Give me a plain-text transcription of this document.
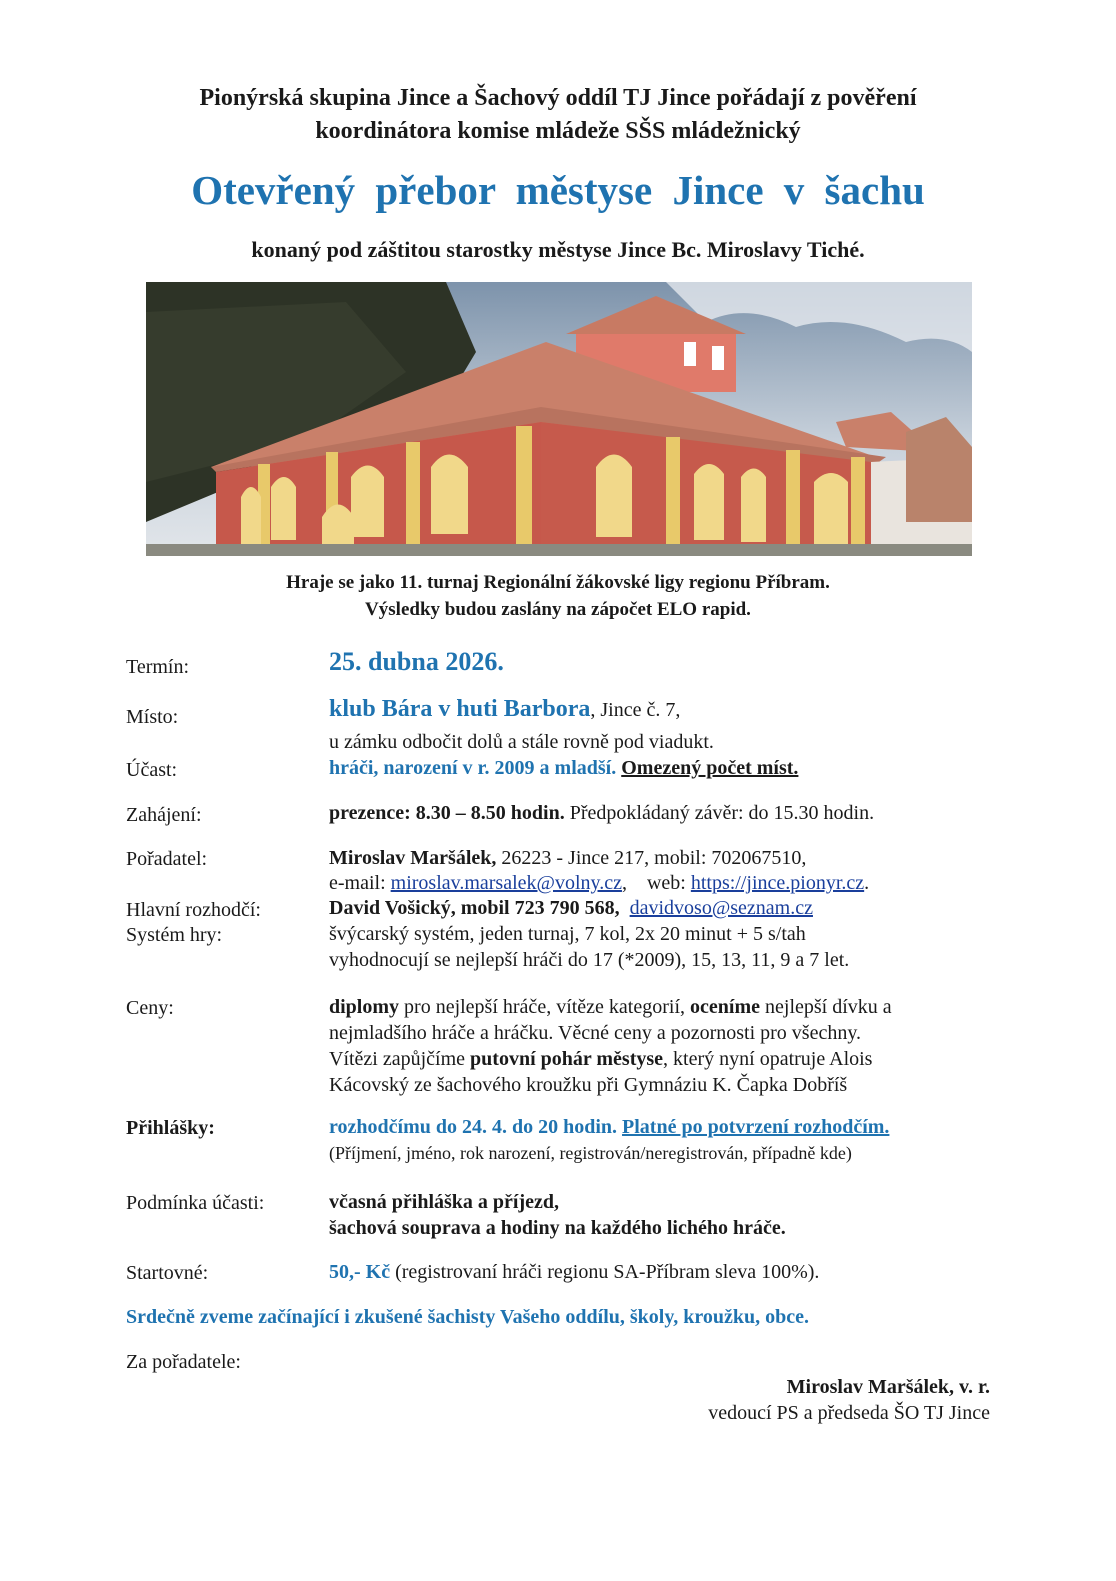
Pionýrská skupina Jince a Šachový oddíl TJ Jince pořádají z pověření
koordinátora komise mládeže SŠS mládežnický
Otevřený přebor městyse Jince v šachu
konaný pod záštitou starostky městyse Jince Bc. Miroslavy Tiché.
Hraje se jako 11. turnaj Regionální žákovské ligy regionu Příbram.
Výsledky budou zaslány na zápočet ELO rapid.
Termín:	25. dubna 2026.
Místo:	klub Bára v huti Barbora, Jince č. 7,
u zámku odbočit dolů a stále rovně pod viadukt.
Účast:	hráči, narození v r. 2009 a mladší. Omezený počet míst.
Zahájení:	prezence: 8.30 – 8.50 hodin. Předpokládaný závěr: do 15.30 hodin.
Pořadatel:	Miroslav Maršálek, 26223 - Jince 217, mobil: 702067510,
e-mail: miroslav.marsalek@volny.cz,    web: https://jince.pionyr.cz.
Hlavní rozhodčí:	David Vošický, mobil 723 790 568, davidvoso@seznam.cz
Systém hry:	švýcarský systém, jeden turnaj, 7 kol, 2x 20 minut + 5 s/tah
vyhodnocují se nejlepší hráči do 17 (*2009), 15, 13, 11, 9 a 7 let.
Ceny:	diplomy pro nejlepší hráče, vítěze kategorií, oceníme nejlepší dívku a
nejmladšího hráče a hráčku. Věcné ceny a pozornosti pro všechny.
Vítězi zapůjčíme putovní pohár městyse, který nyní opatruje Alois
Kácovský ze šachového kroužku při Gymnáziu K. Čapka Dobříš
Přihlášky:	rozhodčímu do 24. 4. do 20 hodin. Platné po potvrzení rozhodčím.
(Příjmení, jméno, rok narození, registrován/neregistrován, případně kde)
Podmínka účasti:	včasná přihláška a příjezd,
šachová souprava a hodiny na každého lichého hráče.
Startovné:	50,- Kč (registrovaní hráči regionu SA-Příbram sleva 100%).
Srdečně zveme začínající i zkušené šachisty Vašeho oddílu, školy, kroužku, obce.
Za pořadatele:
Miroslav Maršálek, v. r.
vedoucí PS a předseda ŠO TJ Jince
